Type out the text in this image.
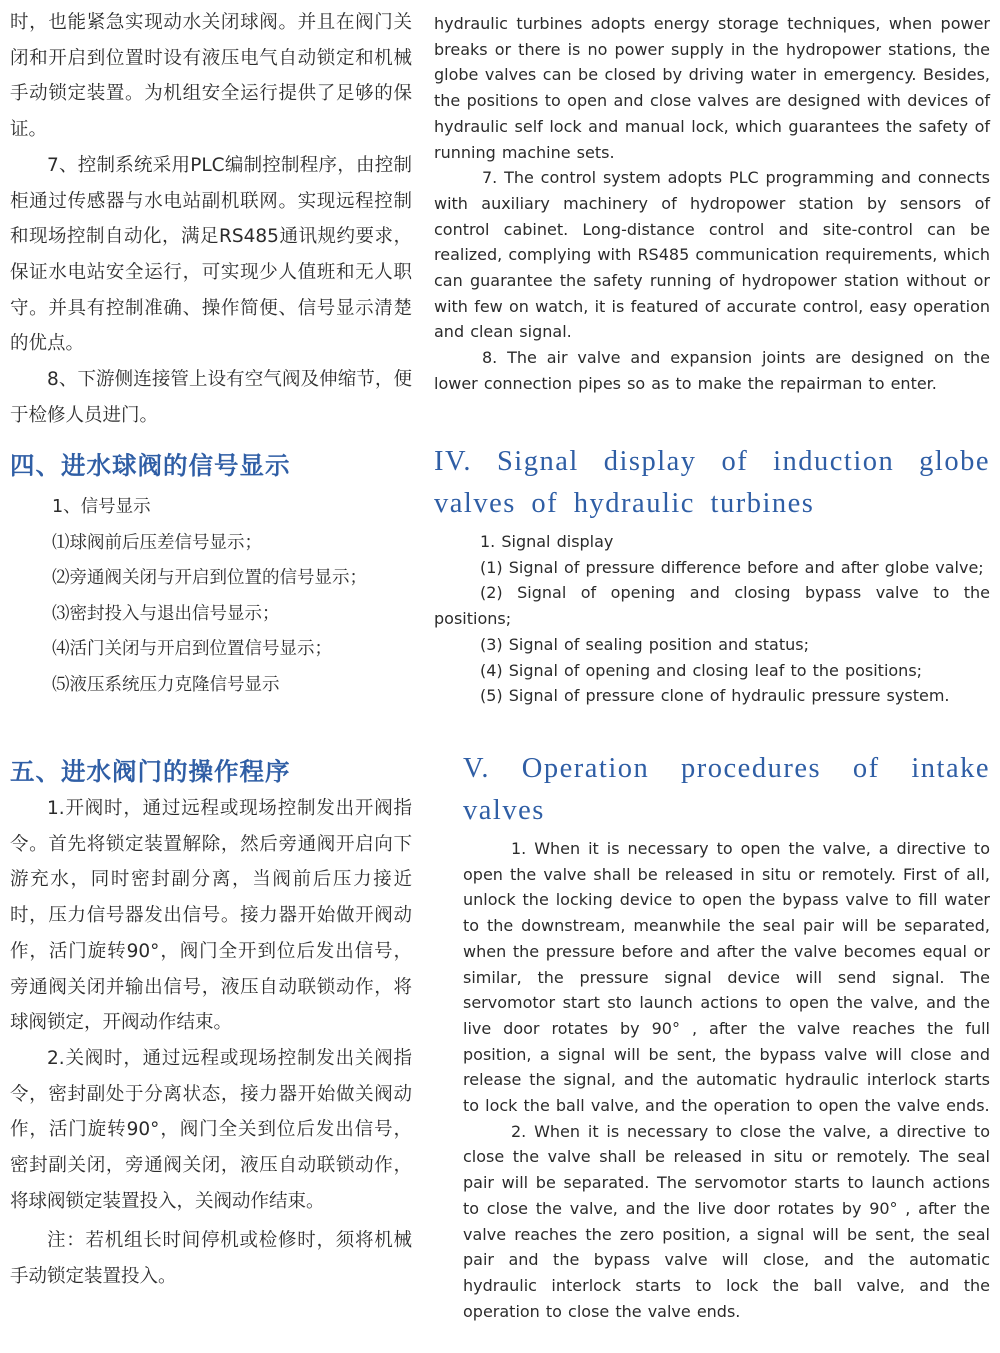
时，也能紧急实现动水关闭球阀。并且在阀门关闭和开启到位置时设有液压电气自动锁定和机械手动锁定装置。为机组安全运行提供了足够的保证。

7、控制系统采用PLC编制控制程序，由控制柜通过传感器与水电站副机联网。实现远程控制和现场控制自动化，满足RS485通讯规约要求，保证水电站安全运行，可实现少人值班和无人职守。并具有控制准确、操作简便、信号显示清楚的优点。

8、下游侧连接管上设有空气阀及伸缩节，便于检修人员进门。

hydraulic turbines adopts energy storage techniques, when power breaks or there is no power supply in the hydropower stations, the globe valves can be closed by driving water in emergency. Besides, the positions to open and close valves are designed with devices of hydraulic self lock and manual lock, which guarantees the safety of running machine sets.

7. The control system adopts PLC programming and connects with auxiliary machinery of hydropower station by sensors of control cabinet. Long-distance control and site-control can be realized, complying with RS485 communication requirements, which can guarantee the safety running of hydropower station without or with few on watch, it is featured of accurate control, easy operation and clean signal.

8. The air valve and expansion joints are designed on the lower connection pipes so as to make the repairman to enter.

四、进水球阀的信号显示

1、信号显示

⑴球阀前后压差信号显示；

⑵旁通阀关闭与开启到位置的信号显示；

⑶密封投入与退出信号显示；

⑷活门关闭与开启到位置信号显示；

⑸液压系统压力克隆信号显示

IV. Signal display of induction globe valves of hydraulic turbines

1. Signal display

(1) Signal of pressure difference before and after globe valve;

(2) Signal of opening and closing bypass valve to the positions;

(3) Signal of sealing position and status;

(4) Signal of opening and closing leaf to the positions;

(5) Signal of pressure clone of hydraulic pressure system.

五、进水阀门的操作程序

1.开阀时，通过远程或现场控制发出开阀指令。首先将锁定装置解除，然后旁通阀开启向下游充水，同时密封副分离，当阀前后压力接近时，压力信号器发出信号。接力器开始做开阀动作，活门旋转90°，阀门全开到位后发出信号，旁通阀关闭并输出信号，液压自动联锁动作，将球阀锁定，开阀动作结束。

2.关阀时，通过远程或现场控制发出关阀指令，密封副处于分离状态，接力器开始做关阀动作，活门旋转90°，阀门全关到位后发出信号，密封副关闭，旁通阀关闭，液压自动联锁动作，将球阀锁定装置投入，关阀动作结束。

注：若机组长时间停机或检修时，须将机械手动锁定装置投入。

V. Operation procedures of intake valves

1. When it is necessary to open the valve, a directive to open the valve shall be released in situ or remotely. First of all, unlock the locking device to open the bypass valve to fill water to the downstream, meanwhile the seal pair will be separated, when the pressure before and after the valve becomes equal or similar, the pressure signal device will send signal. The servomotor start sto launch actions to open the valve, and the live door rotates by 90° , after the valve reaches the full position, a signal will be sent, the bypass valve will close and release the signal, and the automatic hydraulic interlock starts to lock the ball valve, and the operation to open the valve ends.

2. When it is necessary to close the valve, a directive to close the valve shall be released in situ or remotely. The seal pair will be separated. The servomotor starts to launch actions to close the valve, and the live door rotates by 90° , after the valve reaches the zero position, a signal will be sent, the seal pair and the bypass valve will close, and the automatic hydraulic interlock starts to lock the ball valve, and the operation to close the valve ends.
